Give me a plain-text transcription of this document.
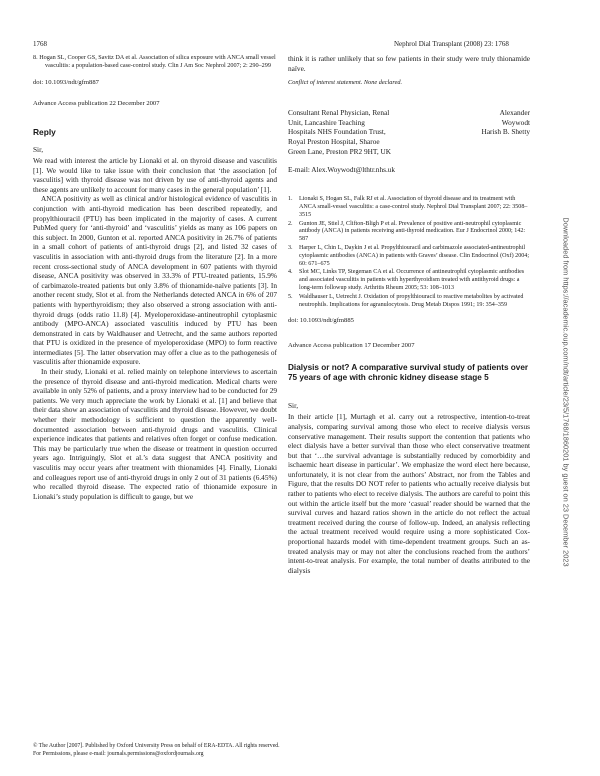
1768	Nephrol Dial Transplant (2008) 23: 1768
8. Hogan SL, Cooper GS, Savitz DA et al. Association of silica exposure with ANCA small vessel vasculitis: a population-based case-control study. Clin J Am Soc Nephrol 2007; 2: 290–299
doi: 10.1093/ndt/gfm887
Advance Access publication 22 December 2007
Reply
Sir,

We read with interest the article by Lionaki et al. on thyroid disease and vasculitis [1]. We would like to take issue with their conclusion that ‘the association [of vasculitis] with thyroid disease was not driven by use of anti-thyroid agents and these agents are unlikely to account for many cases in the general population’ [1].

ANCA positivity as well as clinical and/or histological evidence of vasculitis in conjunction with anti-thyroid medication has been described repeatedly, and propylthiouracil (PTU) has been implicated in the majority of cases. A current PubMed query for ‘anti-thyroid’ and ‘vasculitis’ yields as many as 106 papers on this subject. In 2000, Gunton et al. reported ANCA positivity in 26.7% of patients in a small cohort of patients of anti-thyroid drugs [2], and listed 32 cases of vasculitis in association with anti-thyroid drugs from the literature [2]. In a more recent cross-sectional study of ANCA development in 607 patients with thyroid disease, ANCA positivity was observed in 33.3% of PTU-treated patients, 15.9% of carbimazole-treated patients but only 3.8% of thionamide-naïve patients [3]. In another recent study, Slot et al. from the Netherlands detected ANCA in 6% of 207 patients with hyperthyroidism; they also observed a strong association with anti-thyroid drugs (odds ratio 11.8) [4]. Myeloperoxidase-antineutrophil cytoplasmic antibody (MPO-ANCA) associated vasculitis induced by PTU has been demonstrated in cats by Waldhauser and Uetrecht, and the same authors reported that PTU is oxidized in the presence of myeloperoxidase (MPO) to form reactive intermediates [5]. The latter observation may offer a clue as to the pathogenesis of vasculitis after thionamide exposure.

In their study, Lionaki et al. relied mainly on telephone interviews to ascertain the presence of thyroid disease and anti-thyroid medication. Medical charts were available in only 52% of patients, and a proxy interview had to be conducted for 29 patients. We very much appreciate the work by Lionaki et al. [1] and believe that their data show an association of vasculitis and thyroid disease. However, we doubt whether their methodology is sufficient to question the apparently well-documented association between anti-thyroid drugs and vasculitis. Clinical experience indicates that patients and relatives often forget or confuse medication. This may be particularly true when the disease or treatment in question occurred years ago. Intriguingly, Slot et al.’s data suggest that ANCA positivity and vasculitis may occur years after treatment with thionamides [4]. Finally, Lionaki and colleagues report use of anti-thyroid drugs in only 2 out of 31 patients (6.45%) who recalled thyroid disease. The expected ratio of thionamide exposure in Lionaki’s study population is difficult to gauge, but we

think it is rather unlikely that so few patients in their study were truly thionamide naïve.

Conflict of interest statement. None declared.
Consultant Renal Physician, Renal
Unit, Lancashire Teaching
Hospitals NHS Foundation Trust,
Royal Preston Hospital, Sharoe
Green Lane, Preston PR2 9HT, UK
Alexander
Woywodt
Harish B. Shetty
E-mail: Alex.Woywodt@lthtr.nhs.uk
1.	Lionaki S, Hogan SL, Falk RJ et al. Association of thyroid disease and its treatment with ANCA small-vessel vasculitis: a case-control study. Nephrol Dial Transplant 2007; 22: 3508–3515
2.	Gunton JE, Stiel J, Clifton-Bligh P et al. Prevalence of positive anti-neutrophil cytoplasmic antibody (ANCA) in patients receiving anti-thyroid medication. Eur J Endocrinol 2000; 142: 587
3.	Harper L, Chin L, Daykin J et al. Propylthiouracil and carbimazole associated-antineutrophil cytoplasmic antibodies (ANCA) in patients with Graves’ disease. Clin Endocrinol (Oxf) 2004; 60: 671–675
4.	Slot MC, Links TP, Stegeman CA et al. Occurrence of antineutrophil cytoplasmic antibodies and associated vasculitis in patients with hyperthyroidism treated with antithyroid drugs: a long-term followup study. Arthritis Rheum 2005; 53: 108–1013
5.	Waldhauser L, Uetrecht J. Oxidation of propylthiouracil to reactive metabolites by activated neutrophils. Implications for agranulocytosis. Drug Metab Dispos 1991; 19: 354–359
doi: 10.1093/ndt/gfm885
Advance Access publication 17 December 2007
Dialysis or not? A comparative survival study of patients over 75 years of age with chronic kidney disease stage 5
Sir,

In their article [1], Murtagh et al. carry out a retrospective, intention-to-treat analysis, comparing survival among those who elect to receive dialysis versus conservative management. Their results support the contention that patients who elect dialysis have a better survival than those who elect conservative treatment but that ‘…the survival advantage is substantially reduced by comorbidity and ischaemic heart disease in particular’. We emphasize the word elect here because, unfortunately, it is not clear from the authors’ Abstract, nor from the Tables and Figure, that the results DO NOT refer to patients who actually receive dialysis but rather to patients who elect to receive dialysis. The authors are careful to point this out within the article itself but the more ‘casual’ reader should be warned that the survival curves and hazard ratios shown in the article do not reflect the actual treatment received during the course of follow-up. Indeed, an analysis reflecting the actual treatment received would require using a more sophisticated Cox-proportional hazards model with time-dependent treatment groups. Such an as-treated analysis may or may not alter the conclusions reached from the authors’ intent-to-treat analysis. For example, the total number of deaths attributed to the dialysis

© The Author [2007]. Published by Oxford University Press on behalf of ERA-EDTA. All rights reserved.
For Permissions, please e-mail: journals.permissions@oxfordjournals.org
Downloaded from https://academic.oup.com/ndt/article/23/5/1768/1860201 by guest on 23 December 2023
